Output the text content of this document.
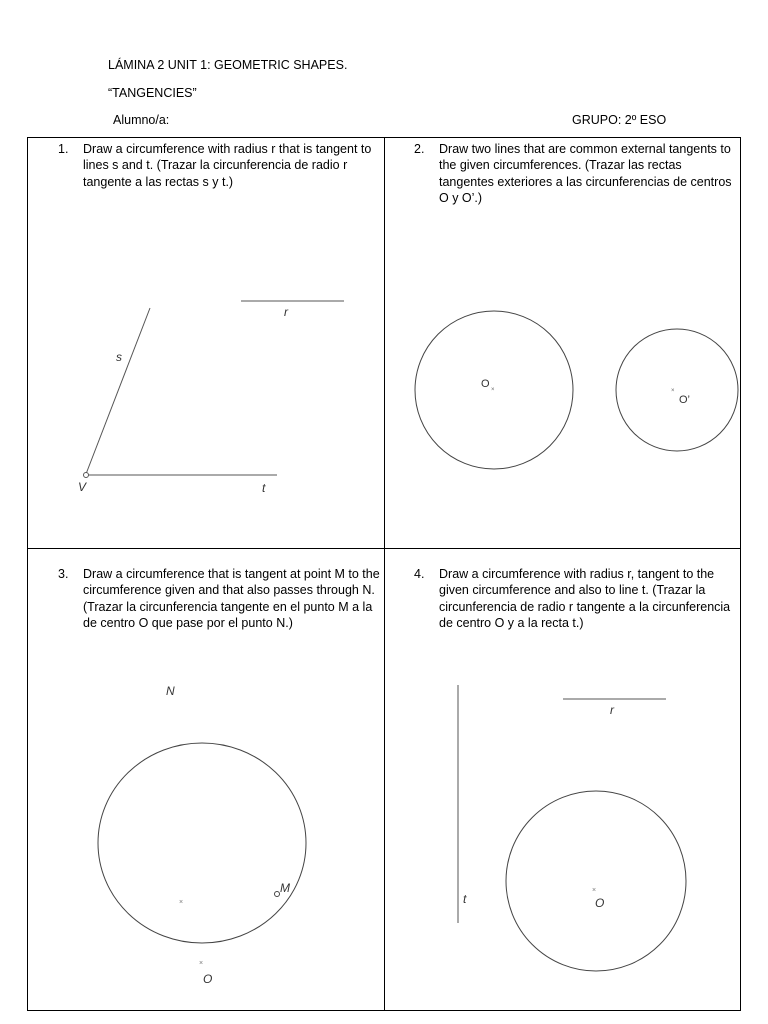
LÁMINA 2 UNIT 1: GEOMETRIC SHAPES.
“TANGENCIES”
Alumno/a:	GRUPO: 2º ESO
1. Draw a circumference with radius r that is tangent to lines s and t. (Trazar la circunferencia de radio r tangente a las rectas s y t.)
r
s
t
V
2. Draw two lines that are common external tangents to the given circumferences. (Trazar las rectas tangentes exteriores a las circunferencias de centros O y O’.)
O ×	×
O’
3. Draw a circumference that is tangent at point M to the circumference given and that also passes through N. (Trazar la circunferencia tangente en el punto M a la de centro O que pase por el punto N.)
N
×
M
×
O
4. Draw a circumference with radius r, tangent to the given circumference and also to line t. (Trazar la circunferencia de radio r tangente a la circunferencia de centro O y a la recta t.)
r
t
×
O
